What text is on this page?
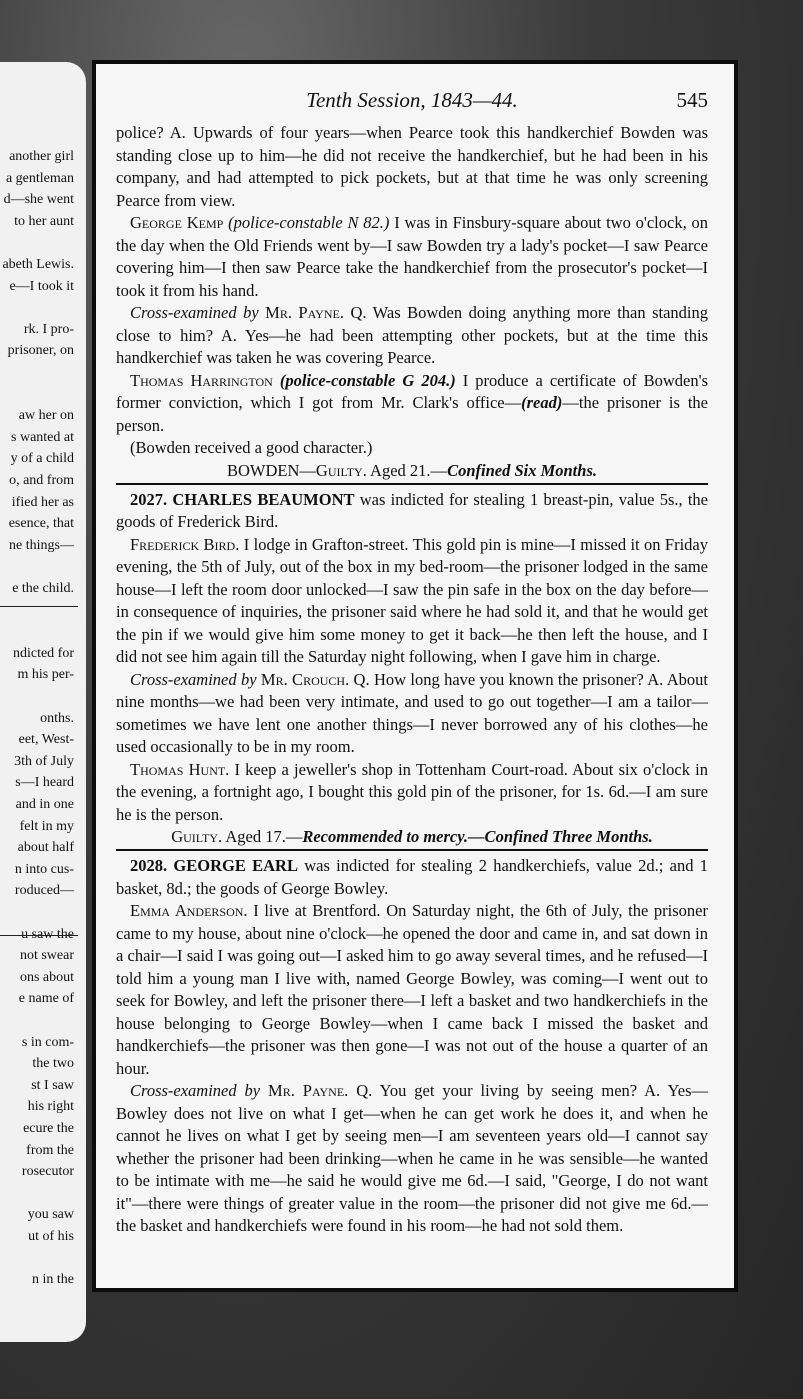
another girl
a gentleman
d—she went
to her aunt
abeth Lewis.
e—I took it
rk. I pro-
prisoner, on
aw her on
s wanted at
y of a child
o, and from
ified her as
esence, that
ne things—
e the child.
ndicted for
m his per-
onths.
eet, West-
3th of July
s—I heard
and in one
felt in my
about half
n into cus-
roduced—
not swear
ons about
e name of
s in com-
the two
st I saw
his right
ecure the
from the
rosecutor
you saw
ut of his
n in the
Tenth Session, 1843—44.	545

police? A. Upwards of four years—when Pearce took this handkerchief Bowden was standing close up to him—he did not receive the handkerchief, but he had been in his company, and had attempted to pick pockets, but at that time he was only screening Pearce from view.

George Kemp (police-constable N 82.) I was in Finsbury-square about two o'clock, on the day when the Old Friends went by—I saw Bowden try a lady's pocket—I saw Pearce covering him—I then saw Pearce take the handkerchief from the prosecutor's pocket—I took it from his hand.

Cross-examined by Mr. Payne. Q. Was Bowden doing anything more than standing close to him? A. Yes—he had been attempting other pockets, but at the time this handkerchief was taken he was covering Pearce.

Thomas Harrington (police-constable G 204.) I produce a certificate of Bowden's former conviction, which I got from Mr. Clark's office—(read)—the prisoner is the person.

(Bowden received a good character.)

BOWDEN—Guilty. Aged 21.—Confined Six Months.

2027. CHARLES BEAUMONT was indicted for stealing 1 breast-pin, value 5s., the goods of Frederick Bird.

Frederick Bird. I lodge in Grafton-street. This gold pin is mine—I missed it on Friday evening, the 5th of July, out of the box in my bed-room—the prisoner lodged in the same house—I left the room door unlocked—I saw the pin safe in the box on the day before—in consequence of inquiries, the prisoner said where he had sold it, and that he would get the pin if we would give him some money to get it back—he then left the house, and I did not see him again till the Saturday night following, when I gave him in charge.

Cross-examined by Mr. Crouch. Q. How long have you known the prisoner? A. About nine months—we had been very intimate, and used to go out together—I am a tailor—sometimes we have lent one another things—I never borrowed any of his clothes—he used occasionally to be in my room.

Thomas Hunt. I keep a jeweller's shop in Tottenham Court-road. About six o'clock in the evening, a fortnight ago, I bought this gold pin of the prisoner, for 1s. 6d.—I am sure he is the person.

Guilty. Aged 17.—Recommended to mercy.—Confined Three Months.

2028. GEORGE EARL was indicted for stealing 2 handkerchiefs, value 2d.; and 1 basket, 8d.; the goods of George Bowley.

Emma Anderson. I live at Brentford. On Saturday night, the 6th of July, the prisoner came to my house, about nine o'clock—he opened the door and came in, and sat down in a chair—I said I was going out—I asked him to go away several times, and he refused—I told him a young man I live with, named George Bowley, was coming—I went out to seek for Bowley, and left the prisoner there—I left a basket and two handkerchiefs in the house belonging to George Bowley—when I came back I missed the basket and handkerchiefs—the prisoner was then gone—I was not out of the house a quarter of an hour.

Cross-examined by Mr. Payne. Q. You get your living by seeing men? A. Yes—Bowley does not live on what I get—when he can get work he does it, and when he cannot he lives on what I get by seeing men—I am seventeen years old—I cannot say whether the prisoner had been drinking—when he came in he was sensible—he wanted to be intimate with me—he said he would give me 6d.—I said, "George, I do not want it"—there were things of greater value in the room—the prisoner did not give me 6d.—the basket and handkerchiefs were found in his room—he had not sold them.
